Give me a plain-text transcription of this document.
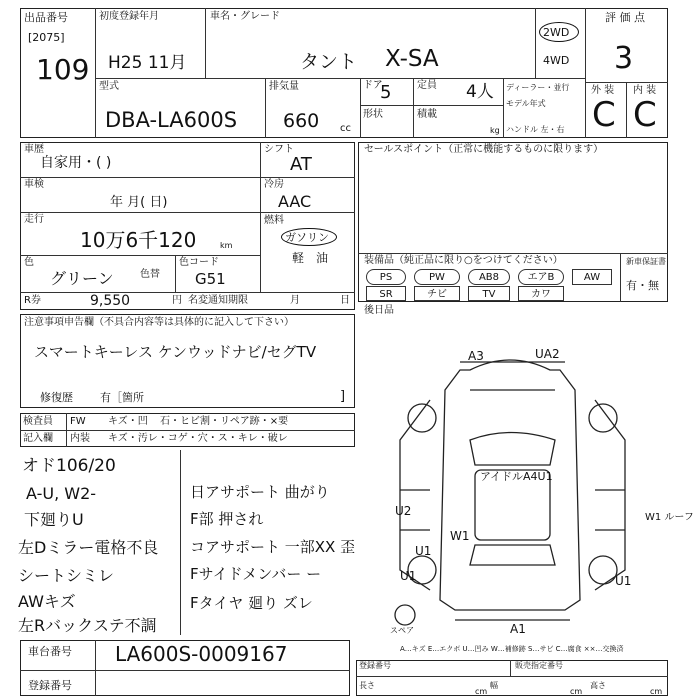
出品番号
[2075]
109
初度登録年月
H25 11月
車名・グレード
タント X-SA
2WD
4WD
評 価 点
3
型式
DBA-LA600S
排気量
660 cc
ドア
5	定員 4人
形状	積載
kg
ディーラー・並行
モデル年式
ハンドル 左・右
外 装 内 装
C C
車歴
自家用・( )
車検
年 月( 日)
走行
10万6千120	km
色
グリーン	色替
色コード
G51
シフト
AT
冷房
AAC
燃料
ガソリン
軽　油
R券	9,550	円 名変通知期限	月	日
セールスポイント（正常に機能するものに限ります）
装備品（純正品に限り○をつけてください）	新車保証書
有・無
PS	PW	AB8	エアB	AW
SR	チビ	TV	カワ
後日品
注意事項申告欄（不具合内容等は具体的に記入して下さい）
スマートキーレス ケンウッドナビ/セグTV
修復歴 有［箇所	]
検査員
記入欄
FW キズ・凹 石・ヒビ割・リペア跡・×要
内装 キズ・汚レ・コゲ・穴・ス・キレ・破レ
オド106/20
A-U, W2-
下廻りU
左Dミラー電格不良
シートシミレ
AWキズ
左Rバックステ不調
日アサポート 曲がり
F部 押され
コアサポート 一部XX 歪
Fサイドメンバー ー
Fタイヤ 廻り ズレ
A3	UA2
アイドルA4U1
U2
W1
U1	U1
U1
W1 ルーフ
A1
スペア
A…キズ E…エクボ U…凹み W…補修跡 S…サビ C…腐食 ××…交換済
車台番号 LA600S-0009167
登録番号
登録番号	販売指定番号
長さ
cm
幅
cm
高さ
cm
